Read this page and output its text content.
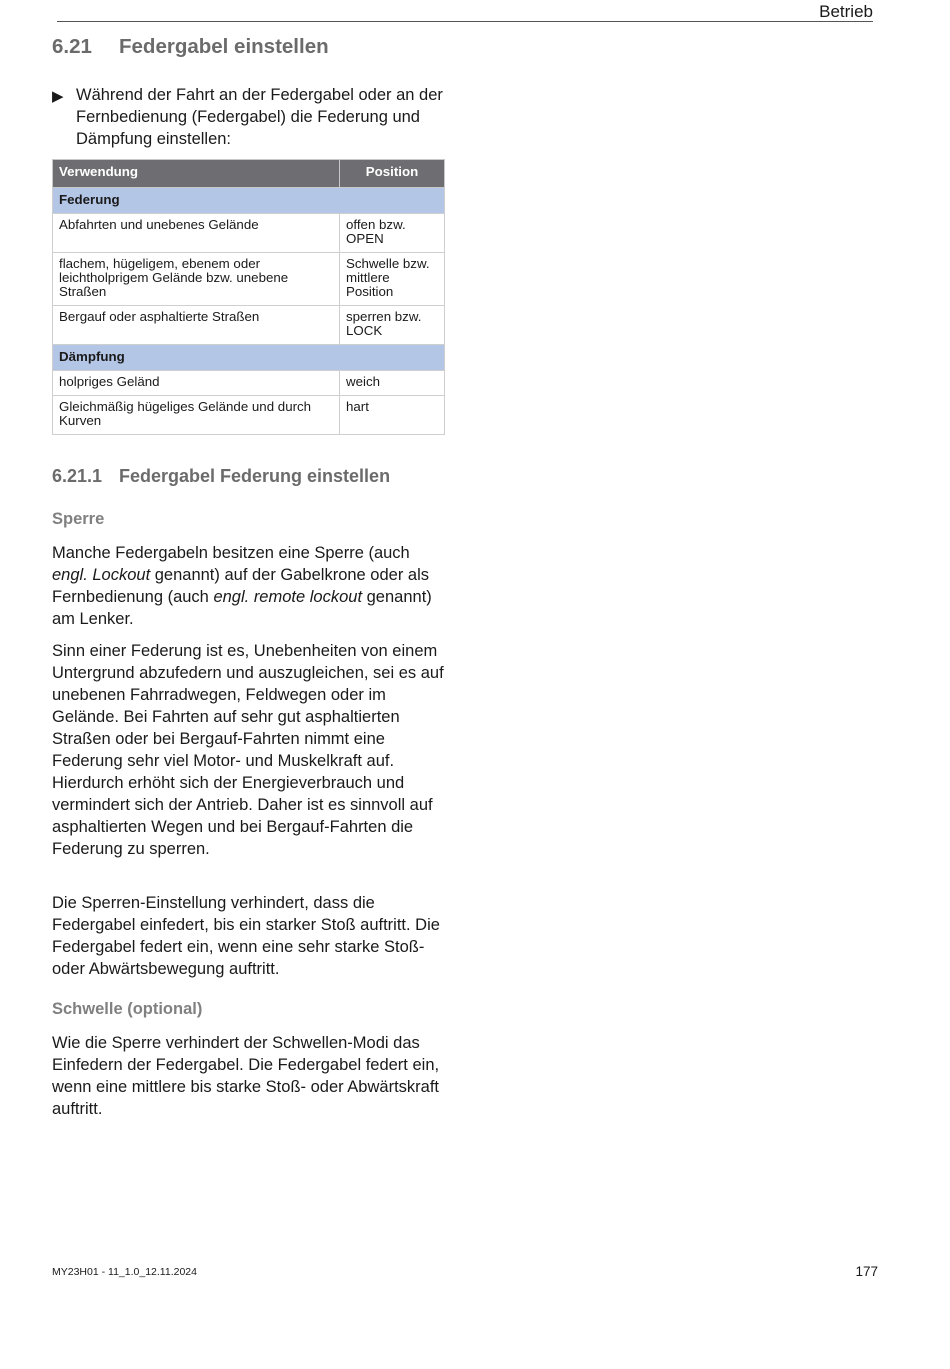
Betrieb
6.21 Federgabel einstellen
▶ Während der Fahrt an der Federgabel oder an der Fernbedienung (Federgabel) die Federung und Dämpfung einstellen:
Verwendung	Position
Federung	
Abfahrten und unebenes Gelände	offen bzw. OPEN
flachem, hügeligem, ebenem oder leichtholprigem Gelände bzw. unebene Straßen	Schwelle bzw. mittlere Position
Bergauf oder asphaltierte Straßen	sperren bzw. LOCK
Dämpfung	
holpriges Geländ	weich
Gleichmäßig hügeliges Gelände und durch Kurven	hart
6.21.1 Federgabel Federung einstellen
Sperre

Manche Federgabeln besitzen eine Sperre (auch engl. Lockout genannt) auf der Gabelkrone oder als Fernbedienung (auch engl. remote lockout genannt) am Lenker.

Sinn einer Federung ist es, Unebenheiten von einem Untergrund abzufedern und auszugleichen, sei es auf unebenen Fahrradwegen, Feldwegen oder im Gelände. Bei Fahrten auf sehr gut asphaltierten Straßen oder bei Bergauf-Fahrten nimmt eine Federung sehr viel Motor- und Muskelkraft auf. Hierdurch erhöht sich der Energieverbrauch und vermindert sich der Antrieb. Daher ist es sinnvoll auf asphaltierten Wegen und bei Bergauf-Fahrten die Federung zu sperren.

Die Sperren-Einstellung verhindert, dass die Federgabel einfedert, bis ein starker Stoß auftritt. Die Federgabel federt ein, wenn eine sehr starke Stoß- oder Abwärtsbewegung auftritt.

Schwelle (optional)

Wie die Sperre verhindert der Schwellen-Modi das Einfedern der Federgabel. Die Federgabel federt ein, wenn eine mittlere bis starke Stoß- oder Abwärtskraft auftritt.

MY23H01 - 11_1.0_12.11.2024	177
